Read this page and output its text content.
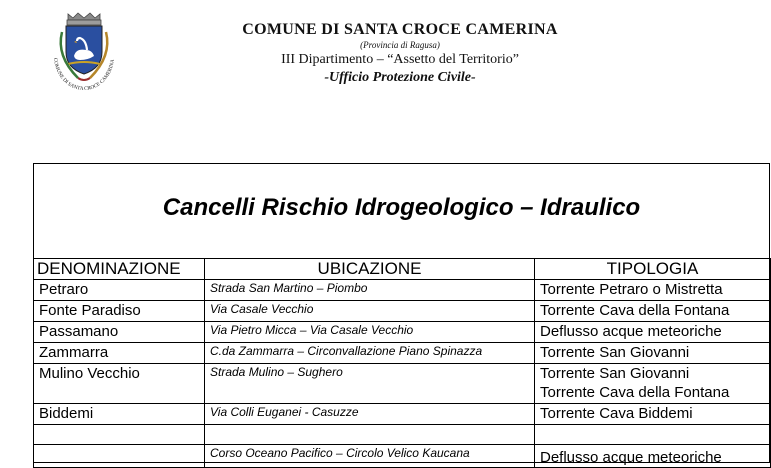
COMUNE DI SANTA CROCE CAMERINA
COMUNE DI SANTA CROCE CAMERINA
(Provincia di Ragusa)
III Dipartimento – “Assetto del Territorio”
-Ufficio Protezione Civile-
Cancelli Rischio Idrogeologico – Idraulico
DENOMINAZIONE	UBICAZIONE	TIPOLOGIA
Petraro	Strada San Martino – Piombo	Torrente Petraro o Mistretta
Fonte Paradiso	Via Casale Vecchio	Torrente Cava della Fontana
Passamano	Via Pietro Micca – Via Casale Vecchio	Deflusso acque meteoriche
Zammarra	C.da Zammarra – Circonvallazione Piano Spinazza	Torrente San Giovanni
Mulino Vecchio	Strada Mulino – Sughero	Torrente San Giovanni
Torrente Cava della Fontana

Biddemi	Via Colli Euganei - Casuzze	Torrente Cava Biddemi

	Corso Oceano Pacifico – Circolo Velico Kaucana	Deflusso acque meteoriche
